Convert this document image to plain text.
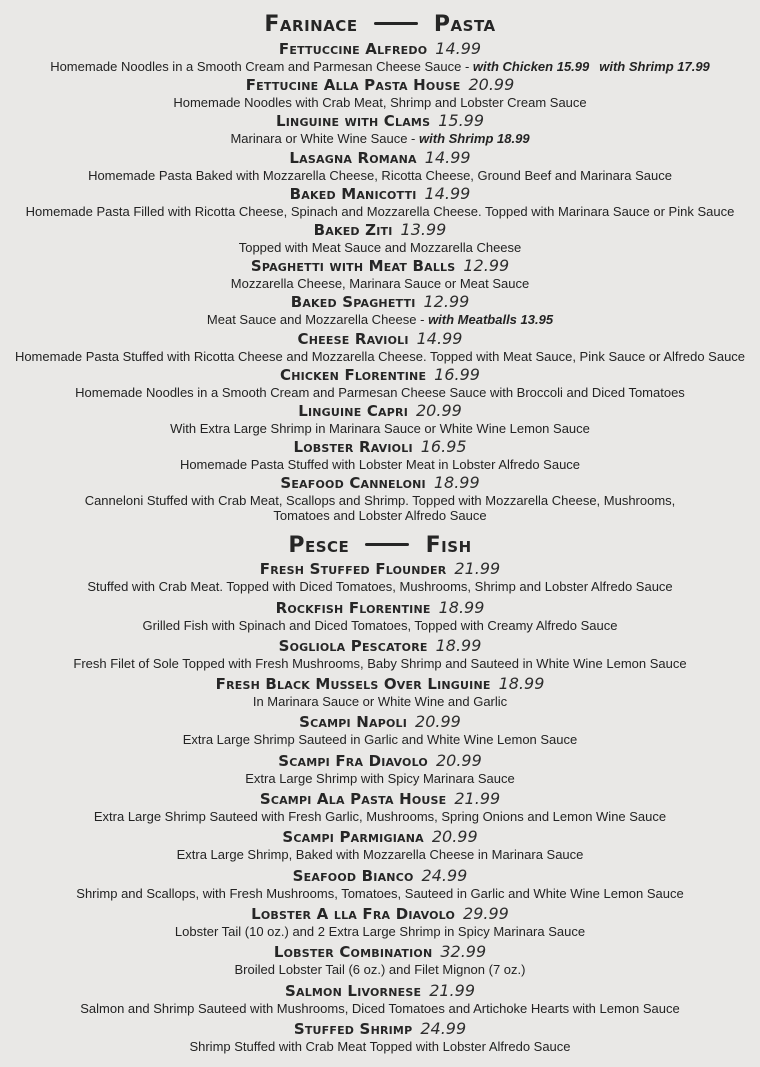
Farinace	Pasta
Fettuccine Alfredo 14.99
Homemade Noodles in a Smooth Cream and Parmesan Cheese Sauce - with Chicken 15.99 with Shrimp 17.99
Fettucine Alla Pasta House 20.99
Homemade Noodles with Crab Meat, Shrimp and Lobster Cream Sauce
Linguine with Clams 15.99
Marinara or White Wine Sauce - with Shrimp 18.99
Lasagna Romana 14.99
Homemade Pasta Baked with Mozzarella Cheese, Ricotta Cheese, Ground Beef and Marinara Sauce
Baked Manicotti 14.99
Homemade Pasta Filled with Ricotta Cheese, Spinach and Mozzarella Cheese. Topped with Marinara Sauce or Pink Sauce
Baked Ziti 13.99
Topped with Meat Sauce and Mozzarella Cheese
Spaghetti with Meat Balls 12.99
Mozzarella Cheese, Marinara Sauce or Meat Sauce
Baked Spaghetti 12.99
Meat Sauce and Mozzarella Cheese - with Meatballs 13.95
Cheese Ravioli 14.99
Homemade Pasta Stuffed with Ricotta Cheese and Mozzarella Cheese. Topped with Meat Sauce, Pink Sauce or Alfredo Sauce
Chicken Florentine 16.99
Homemade Noodles in a Smooth Cream and Parmesan Cheese Sauce with Broccoli and Diced Tomatoes
Linguine Capri 20.99
With Extra Large Shrimp in Marinara Sauce or White Wine Lemon Sauce
Lobster Ravioli 16.95
Homemade Pasta Stuffed with Lobster Meat in Lobster Alfredo Sauce
Seafood Canneloni 18.99
Canneloni Stuffed with Crab Meat, Scallops and Shrimp. Topped with Mozzarella Cheese, Mushrooms, Tomatoes and Lobster Alfredo Sauce
Pesce	Fish
Fresh Stuffed Flounder 21.99
Stuffed with Crab Meat. Topped with Diced Tomatoes, Mushrooms, Shrimp and Lobster Alfredo Sauce
Rockfish Florentine 18.99
Grilled Fish with Spinach and Diced Tomatoes, Topped with Creamy Alfredo Sauce
Sogliola Pescatore 18.99
Fresh Filet of Sole Topped with Fresh Mushrooms, Baby Shrimp and Sauteed in White Wine Lemon Sauce
Fresh Black Mussels Over Linguine 18.99
In Marinara Sauce or White Wine and Garlic
Scampi Napoli 20.99
Extra Large Shrimp Sauteed in Garlic and White Wine Lemon Sauce
Scampi Fra Diavolo 20.99
Extra Large Shrimp with Spicy Marinara Sauce
Scampi Ala Pasta House 21.99
Extra Large Shrimp Sauteed with Fresh Garlic, Mushrooms, Spring Onions and Lemon Wine Sauce
Scampi Parmigiana 20.99
Extra Large Shrimp, Baked with Mozzarella Cheese in Marinara Sauce
Seafood Bianco 24.99
Shrimp and Scallops, with Fresh Mushrooms, Tomatoes, Sauteed in Garlic and White Wine Lemon Sauce
Lobster A lla Fra Diavolo 29.99
Lobster Tail (10 oz.) and 2 Extra Large Shrimp in Spicy Marinara Sauce
Lobster Combination 32.99
Broiled Lobster Tail (6 oz.) and Filet Mignon (7 oz.)
Salmon Livornese 21.99
Salmon and Shrimp Sauteed with Mushrooms, Diced Tomatoes and Artichoke Hearts with Lemon Sauce
Stuffed Shrimp 24.99
Shrimp Stuffed with Crab Meat Topped with Lobster Alfredo Sauce
